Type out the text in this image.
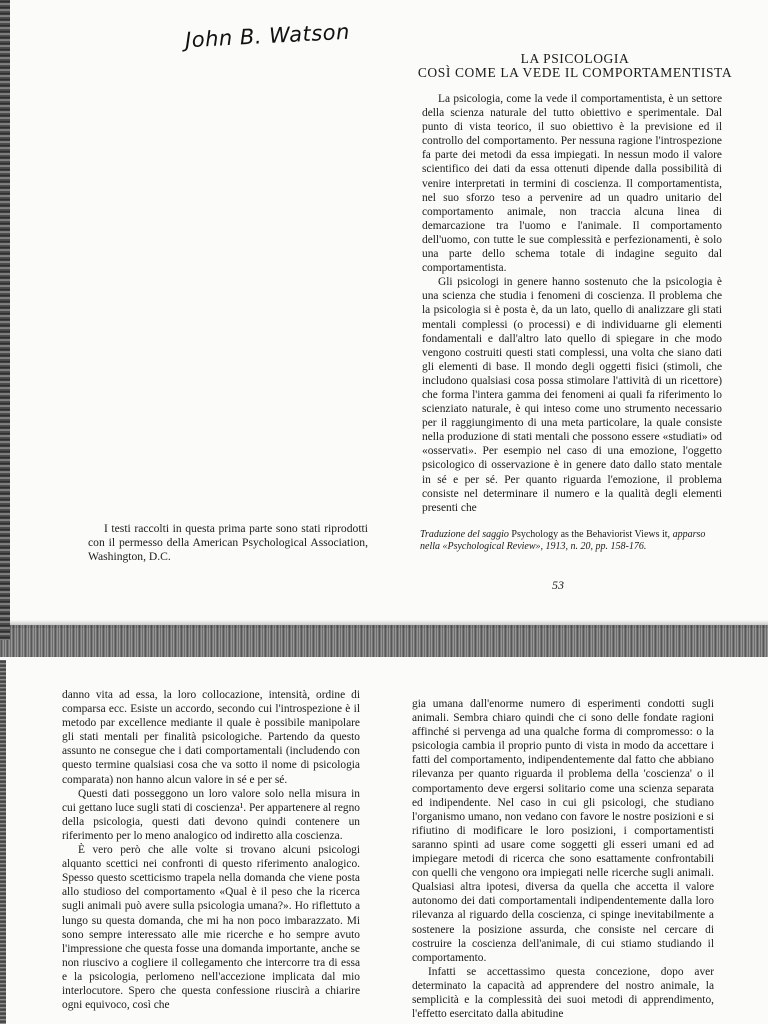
John B. Watson
LA PSICOLOGIA
COSÌ COME LA VEDE IL COMPORTAMENTISTA

La psicologia, come la vede il comportamentista, è un settore della scienza naturale del tutto obiettivo e sperimentale. Dal punto di vista teorico, il suo obiettivo è la previsione ed il controllo del comportamento. Per nessuna ragione l'introspezione fa parte dei metodi da essa impiegati. In nessun modo il valore scientifico dei dati da essa ottenuti dipende dalla possibilità di venire interpretati in termini di coscienza. Il comportamentista, nel suo sforzo teso a pervenire ad un quadro unitario del comportamento animale, non traccia alcuna linea di demarcazione tra l'uomo e l'animale. Il comportamento dell'uomo, con tutte le sue complessità e perfezionamenti, è solo una parte dello schema totale di indagine seguito dal comportamentista.

Gli psicologi in genere hanno sostenuto che la psicologia è una scienza che studia i fenomeni di coscienza. Il problema che la psicologia si è posta è, da un lato, quello di analizzare gli stati mentali complessi (o processi) e di individuarne gli elementi fondamentali e dall'altro lato quello di spiegare in che modo vengono costruiti questi stati complessi, una volta che siano dati gli elementi di base. Il mondo degli oggetti fisici (stimoli, che includono qualsiasi cosa possa stimolare l'attività di un ricettore) che forma l'intera gamma dei fenomeni ai quali fa riferimento lo scienziato naturale, è qui inteso come uno strumento necessario per il raggiungimento di una meta particolare, la quale consiste nella produzione di stati mentali che possono essere «studiati» od «osservati». Per esempio nel caso di una emozione, l'oggetto psicologico di osservazione è in genere dato dallo stato mentale in sé e per sé. Per quanto riguarda l'emozione, il problema consiste nel determinare il numero e la qualità degli elementi presenti che

I testi raccolti in questa prima parte sono stati riprodotti con il permesso della American Psychological Association, Washington, D.C.

Traduzione del saggio Psychology as the Behaviorist Views it, apparso nella «Psychological Review», 1913, n. 20, pp. 158-176.
53

danno vita ad essa, la loro collocazione, intensità, ordine di comparsa ecc. Esiste un accordo, secondo cui l'introspezione è il metodo par excellence mediante il quale è possibile manipolare gli stati mentali per finalità psicologiche. Partendo da questo assunto ne consegue che i dati comportamentali (includendo con questo termine qualsiasi cosa che va sotto il nome di psicologia comparata) non hanno alcun valore in sé e per sé.

Questi dati posseggono un loro valore solo nella misura in cui gettano luce sugli stati di coscienza¹. Per appartenere al regno della psicologia, questi dati devono quindi contenere un riferimento per lo meno analogico od indiretto alla coscienza.

È vero però che alle volte si trovano alcuni psicologi alquanto scettici nei confronti di questo riferimento analogico. Spesso questo scetticismo trapela nella domanda che viene posta allo studioso del comportamento «Qual è il peso che la ricerca sugli animali può avere sulla psicologia umana?». Ho riflettuto a lungo su questa domanda, che mi ha non poco imbarazzato. Mi sono sempre interessato alle mie ricerche e ho sempre avuto l'impressione che questa fosse una domanda importante, anche se non riuscivo a cogliere il collegamento che intercorre tra di essa e la psicologia, perlomeno nell'accezione implicata dal mio interlocutore. Spero che questa confessione riuscirà a chiarire ogni equivoco, così che

gia umana dall'enorme numero di esperimenti condotti sugli animali. Sembra chiaro quindi che ci sono delle fondate ragioni affinché si pervenga ad una qualche forma di compromesso: o la psicologia cambia il proprio punto di vista in modo da accettare i fatti del comportamento, indipendentemente dal fatto che abbiano rilevanza per quanto riguarda il problema della 'coscienza' o il comportamento deve ergersi solitario come una scienza separata ed indipendente. Nel caso in cui gli psicologi, che studiano l'organismo umano, non vedano con favore le nostre posizioni e si rifiutino di modificare le loro posizioni, i comportamentisti saranno spinti ad usare come soggetti gli esseri umani ed ad impiegare metodi di ricerca che sono esattamente confrontabili con quelli che vengono ora impiegati nelle ricerche sugli animali. Qualsiasi altra ipotesi, diversa da quella che accetta il valore autonomo dei dati comportamentali indipendentemente dalla loro rilevanza al riguardo della coscienza, ci spinge inevitabilmente a sostenere la posizione assurda, che consiste nel cercare di costruire la coscienza dell'animale, di cui stiamo studiando il comportamento.

Infatti se accettassimo questa concezione, dopo aver determinato la capacità ad apprendere del nostro animale, la semplicità e la complessità dei suoi metodi di apprendimento, l'effetto esercitato dalla abitudine
